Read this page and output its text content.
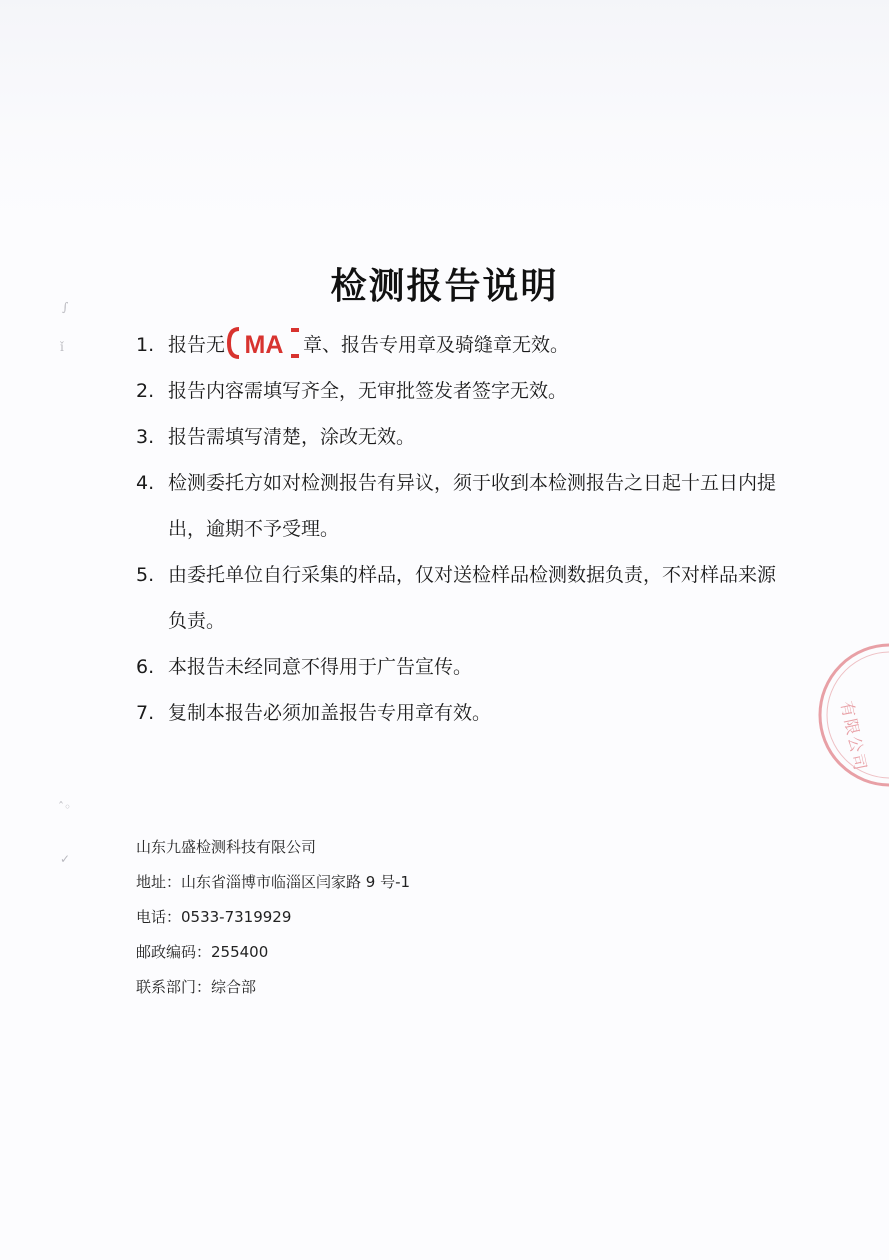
∫
ǐ
ˆ◦
✓
检测报告说明
1. 报告无 MA 章、报告专用章及骑缝章无效。
2. 报告内容需填写齐全，无审批签发者签字无效。
3. 报告需填写清楚，涂改无效。
4. 检测委托方如对检测报告有异议，须于收到本检测报告之日起十五日内提出，逾期不予受理。
5. 由委托单位自行采集的样品，仅对送检样品检测数据负责，不对样品来源负责。
6. 本报告未经同意不得用于广告宣传。
7. 复制本报告必须加盖报告专用章有效。	有限公司
山东九盛检测科技有限公司
地址：山东省淄博市临淄区闫家路 9 号-1
电话：0533-7319929
邮政编码：255400
联系部门：综合部
